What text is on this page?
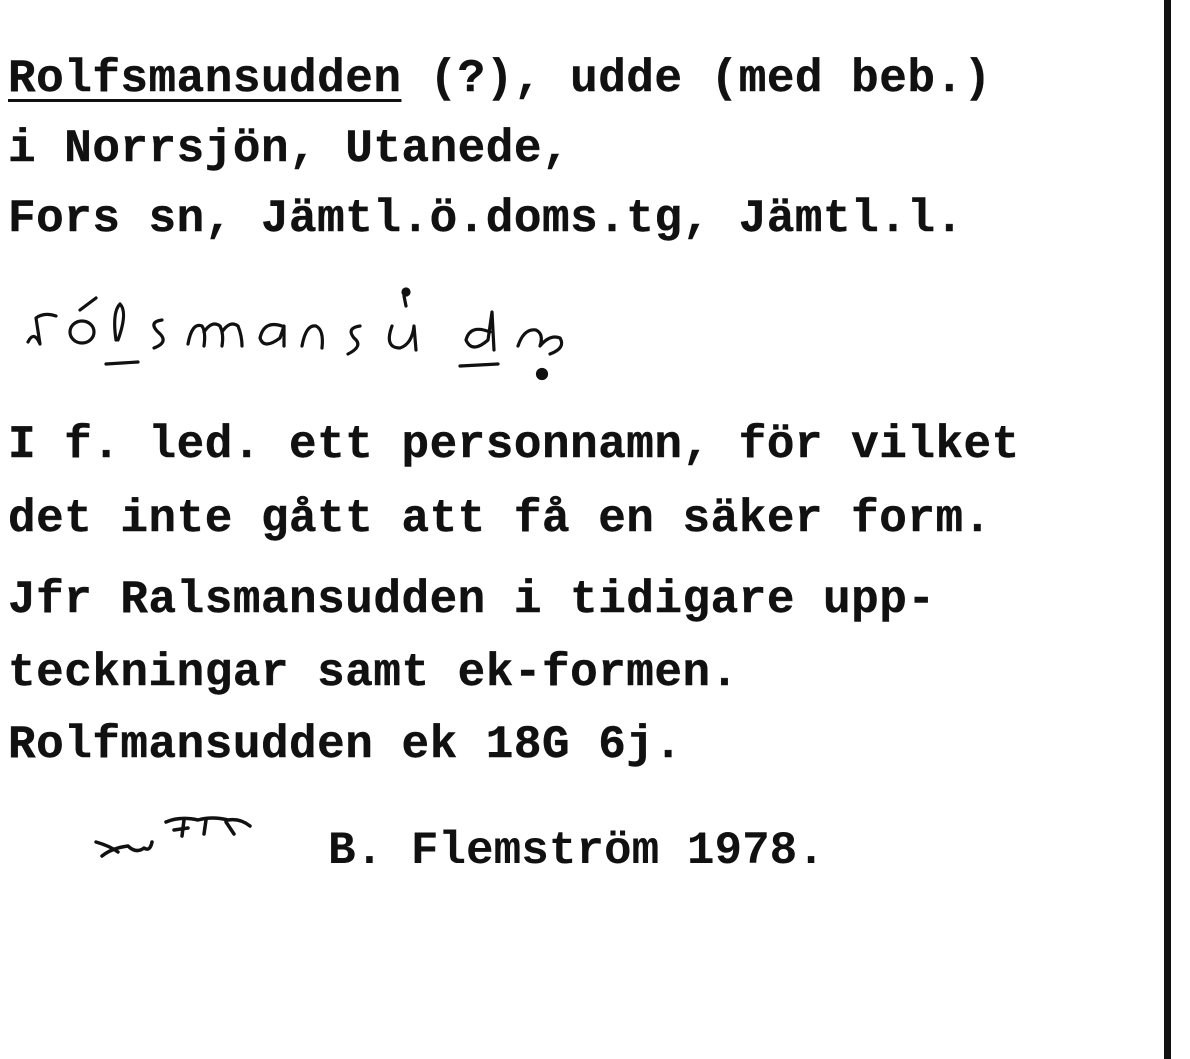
Rolfsmansudden (?), udde (med beb.)
i Norrsjön, Utanede,
Fors sn, Jämtl.ö.doms.tg, Jämtl.l.
I f. led. ett personnamn, för vilket
det inte gått att få en säker form.
Jfr Ralsmansudden i tidigare upp-
teckningar samt ek-formen.
Rolfmansudden ek 18G 6j.
B. Flemström 1978.
